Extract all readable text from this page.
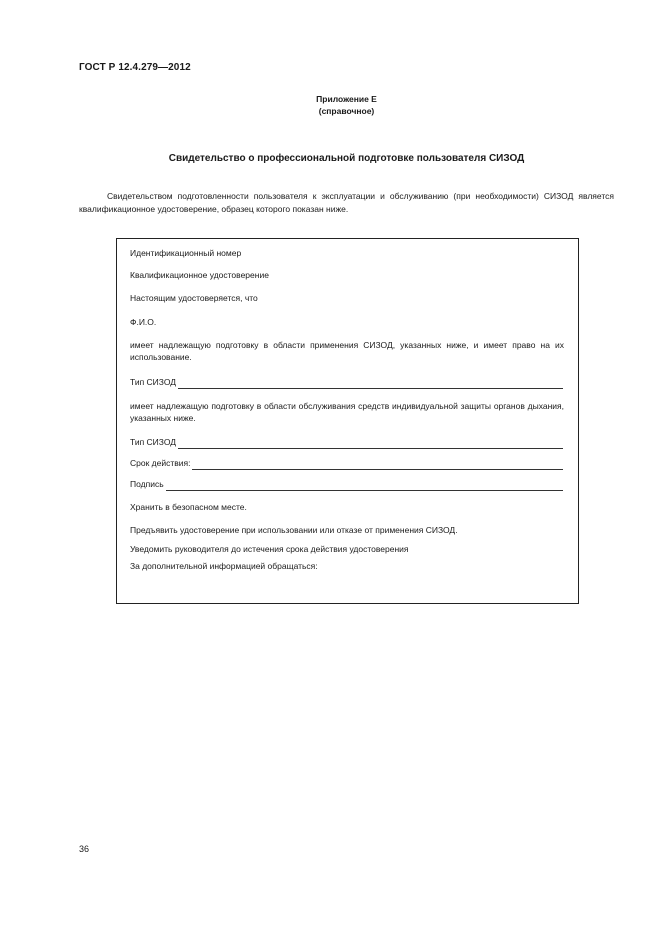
ГОСТ Р 12.4.279—2012
Приложение Е
(справочное)
Свидетельство о профессиональной подготовке пользователя СИЗОД
Свидетельством подготовленности пользователя к эксплуатации и обслуживанию (при необходимости) СИЗОД является квалификационное удостоверение, образец которого показан ниже.
Идентификационный номер
Квалификационное удостоверение
Настоящим удостоверяется, что
Ф.И.О.
имеет надлежащую подготовку в области применения СИЗОД, указанных ниже, и имеет право на их использование.
Тип СИЗОД
имеет надлежащую подготовку в области обслуживания средств индивидуальной защиты органов дыхания, указанных ниже.
Тип СИЗОД
Срок действия:
Подпись
Хранить в безопасном месте.
Предъявить удостоверение при использовании или отказе от применения СИЗОД.
Уведомить руководителя до истечения срока действия удостоверения
За дополнительной информацией обращаться:
36
